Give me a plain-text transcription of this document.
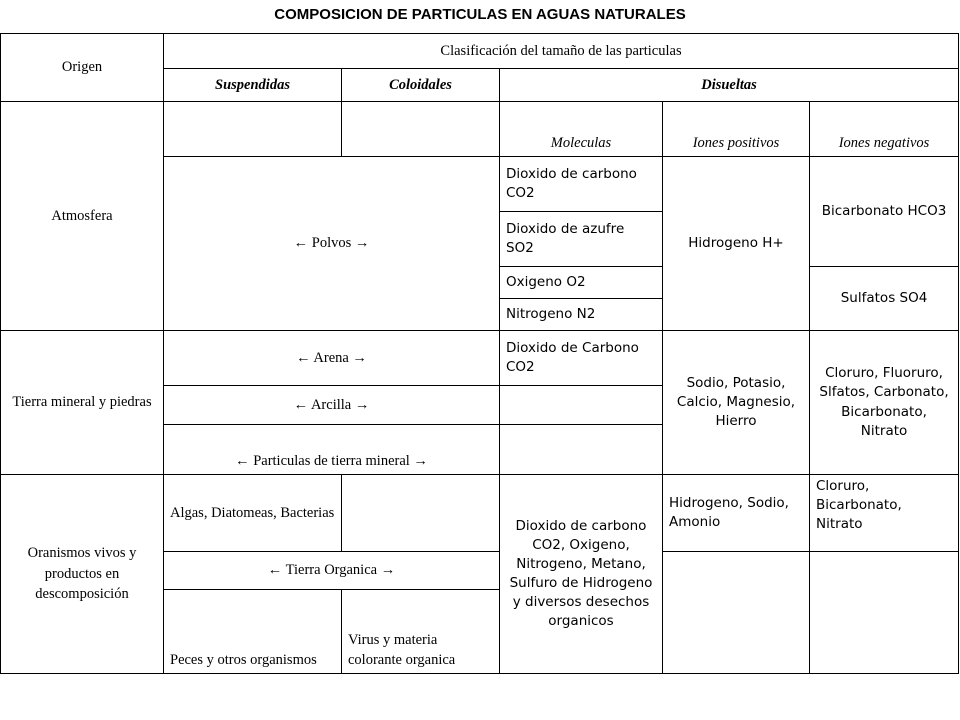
COMPOSICION DE PARTICULAS EN AGUAS NATURALES
Origen	Clasificación del tamaño de las particulas				
	Suspendidas	Coloidales	Disueltas		
Atmosfera			Moleculas	Iones positivos	Iones negativos
	← Polvos →		Dioxido de carbono CO2	Hidrogeno H+	Bicarbonato HCO3
			Dioxido de azufre SO2		
			Oxigeno O2		Sulfatos SO4
			Nitrogeno N2		
Tierra mineral y piedras	← Arena →		Dioxido de Carbono CO2	Sodio, Potasio, Calcio, Magnesio, Hierro	Cloruro, Fluoruro, Slfatos, Carbonato, Bicarbonato, Nitrato
	← Arcilla →				
	← Particulas de tierra mineral →				
Oranismos vivos y productos en descomposición	Algas, Diatomeas, Bacterias		Dioxido de carbono CO2, Oxigeno, Nitrogeno, Metano, Sulfuro de Hidrogeno y diversos desechos organicos	Hidrogeno, Sodio, Amonio	Cloruro, Bicarbonato, Nitrato
	← Tierra Organica →				
	Peces y otros organismos	Virus y materia colorante organica			
